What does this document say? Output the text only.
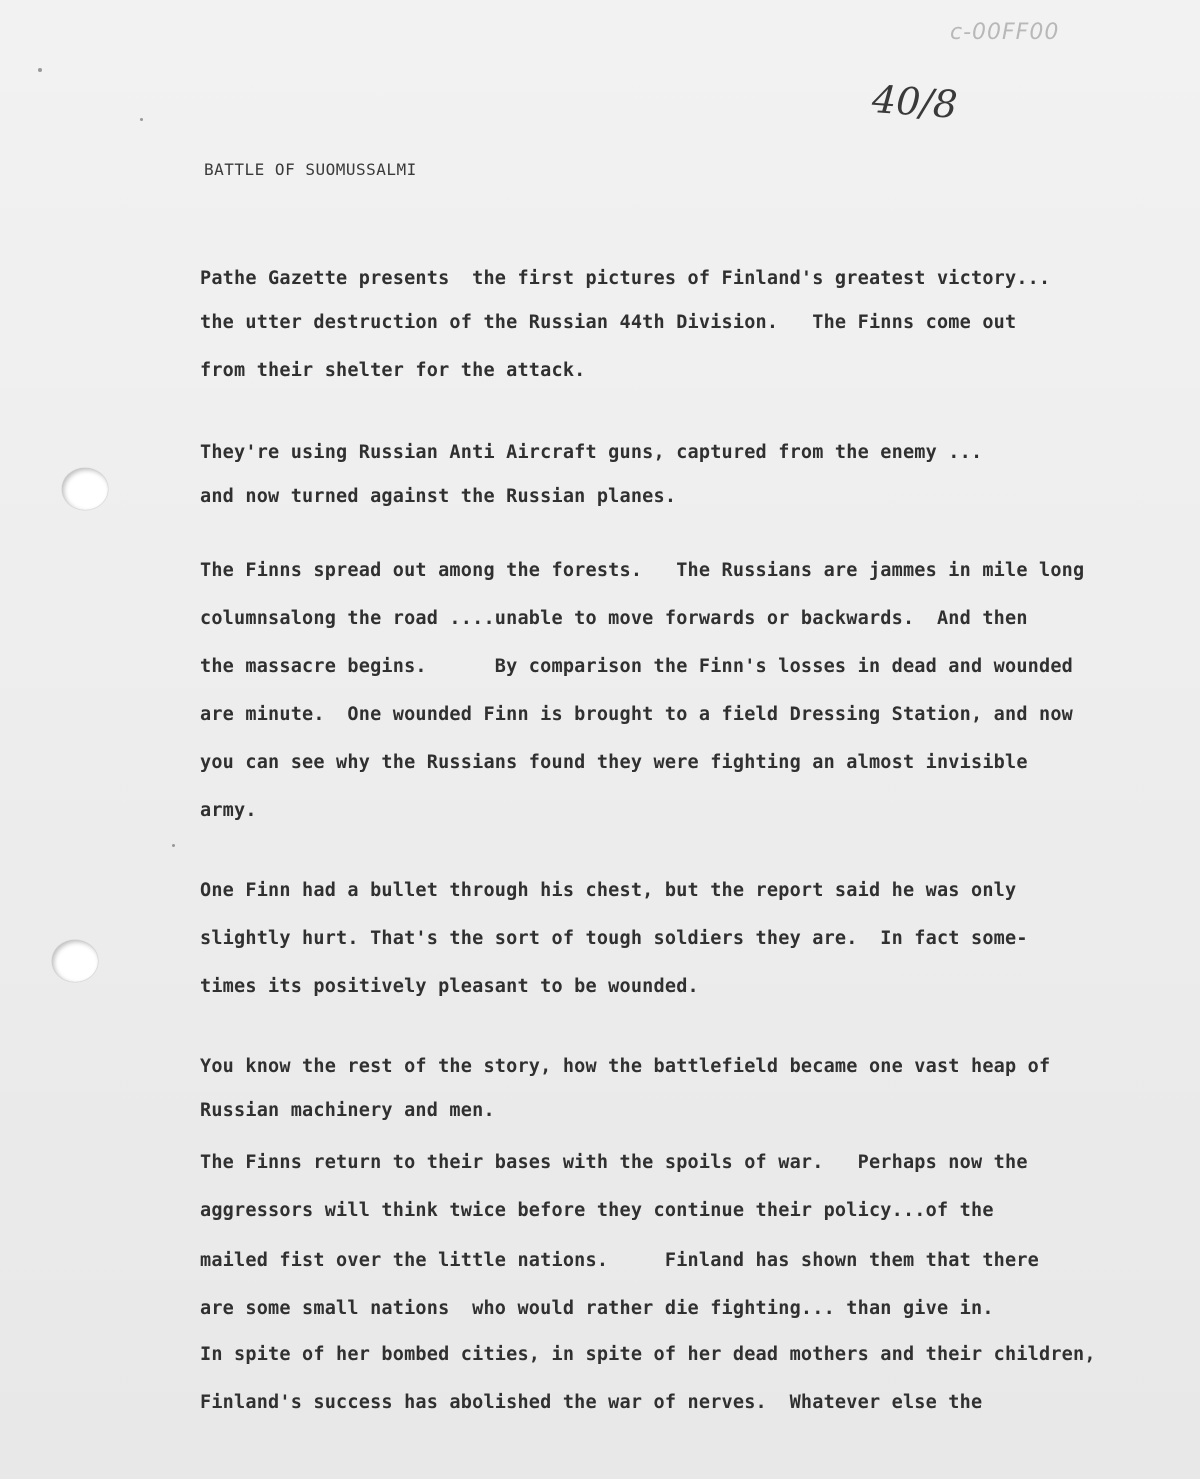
c-00FF00
40/8
BATTLE OF SUOMUSSALMI
Pathe Gazette presents  the first pictures of Finland's greatest victory...
the utter destruction of the Russian 44th Division.   The Finns come out
from their shelter for the attack.
They're using Russian Anti Aircraft guns, captured from the enemy ...
and now turned against the Russian planes.
The Finns spread out among the forests.   The Russians are jammes in mile long
columnsalong the road ....unable to move forwards or backwards.  And then
the massacre begins.      By comparison the Finn's losses in dead and wounded
are minute.  One wounded Finn is brought to a field Dressing Station, and now
you can see why the Russians found they were fighting an almost invisible
army.
One Finn had a bullet through his chest, but the report said he was only
slightly hurt. That's the sort of tough soldiers they are.  In fact some-
times its positively pleasant to be wounded.
You know the rest of the story, how the battlefield became one vast heap of
Russian machinery and men.
The Finns return to their bases with the spoils of war.   Perhaps now the
aggressors will think twice before they continue their policy...of the
mailed fist over the little nations.     Finland has shown them that there
are some small nations  who would rather die fighting... than give in.
In spite of her bombed cities, in spite of her dead mothers and their children,
Finland's success has abolished the war of nerves.  Whatever else the
